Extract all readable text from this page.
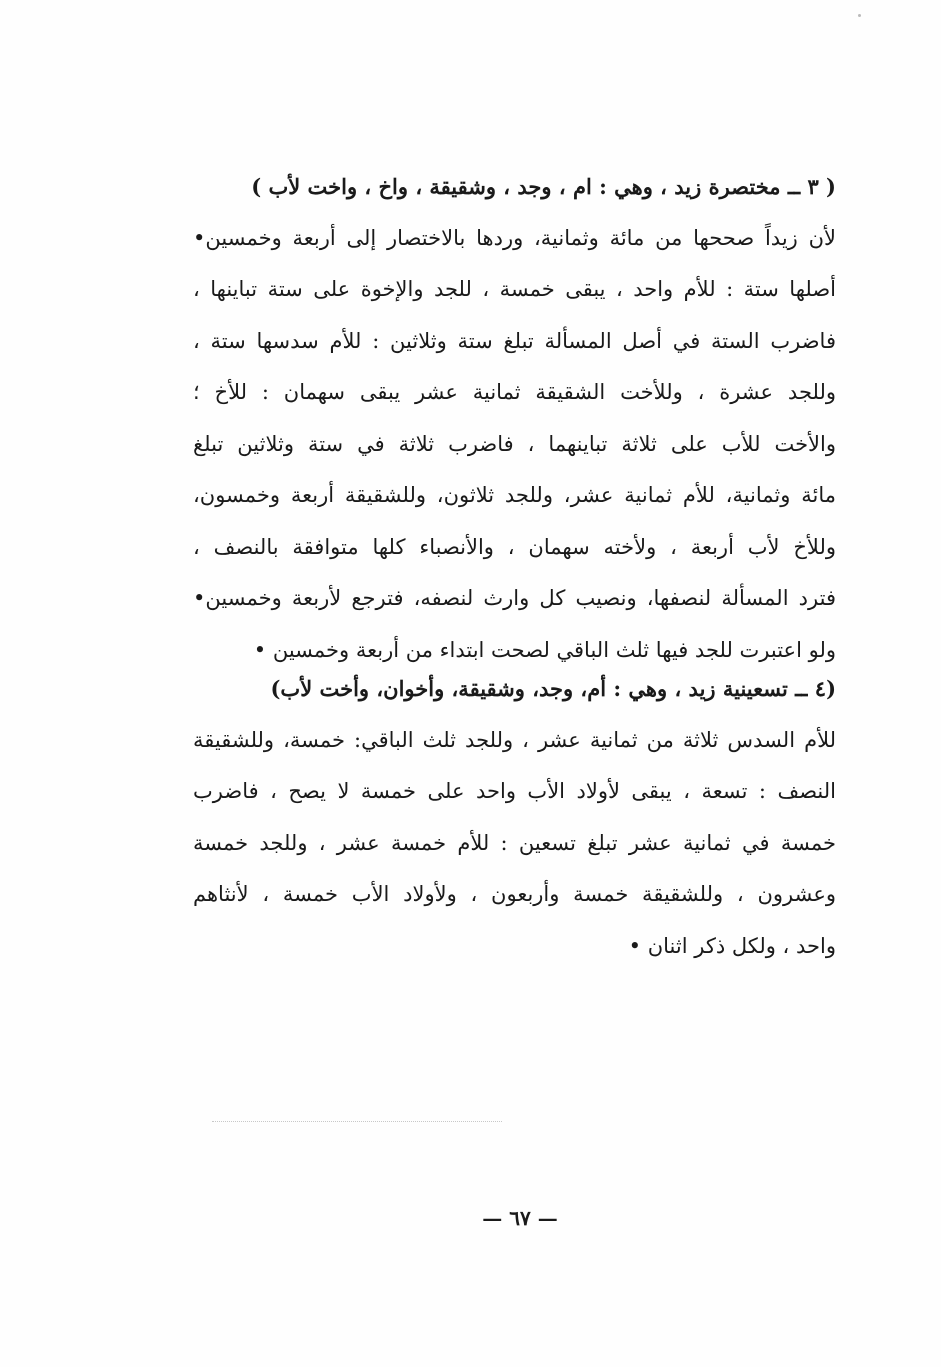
( ٣ ــ مختصرة زيد ، وهي : ام ، وجد ، وشقيقة ، واخ ، واخت لأب )
لأن زيداً صححها من مائة وثمانية، وردها بالاختصار إلى أربعة وخمسين•
أصلها ستة : للأم واحد ، يبقى خمسة ، للجد والإخوة على ستة تباينها ،
فاضرب الستة في أصل المسألة تبلغ ستة وثلاثين : للأم سدسها ستة ،
وللجد عشرة ، وللأخت الشقيقة ثمانية عشر يبقى سهمان : للأخ ؛
والأخت للأب على ثلاثة تباينهما ، فاضرب ثلاثة في ستة وثلاثين تبلغ
مائة وثمانية، للأم ثمانية عشر، وللجد ثلاثون، وللشقيقة أربعة وخمسون،
وللأخ لأب أربعة ، ولأخته سهمان ، والأنصباء كلها متوافقة بالنصف ،
فترد المسألة لنصفها، ونصيب كل وارث لنصفه، فترجع لأربعة وخمسين•
ولو اعتبرت للجد فيها ثلث الباقي لصحت ابتداء من أربعة وخمسين •
(٤ ــ تسعينية زيد ، وهي : أم، وجد، وشقيقة، وأخوان، وأخت لأب)
للأم السدس ثلاثة من ثمانية عشر ، وللجد ثلث الباقي: خمسة، وللشقيقة
النصف : تسعة ، يبقى لأولاد الأب واحد على خمسة لا يصح ، فاضرب
خمسة في ثمانية عشر تبلغ تسعين : للأم خمسة عشر ، وللجد خمسة
وعشرون ، وللشقيقة خمسة وأربعون ، ولأولاد الأب خمسة ، لأنثاهم
واحد ، ولكل ذكر اثنان •
— ٦٧ —
